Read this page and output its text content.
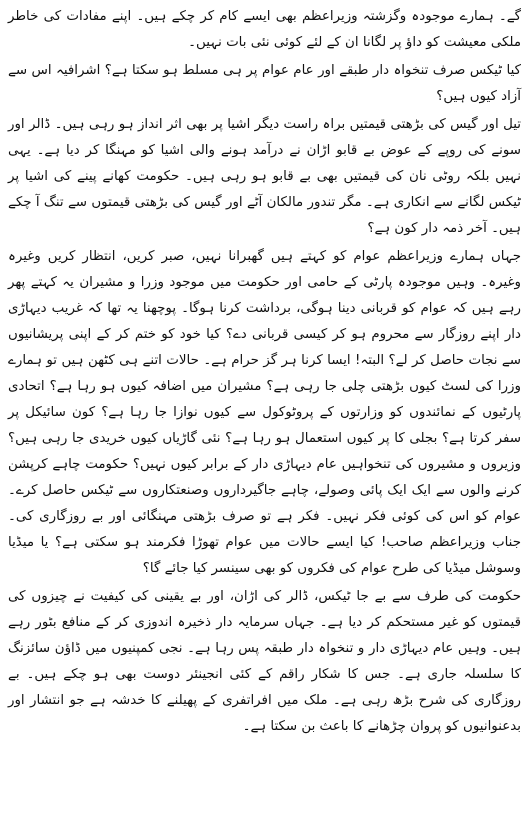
گے۔ ہمارے موجودہ وگزشتہ وزیراعظم بھی ایسے کام کر چکے ہیں۔ اپنے مفادات کی خاطر ملکی معیشت کو داؤ پر لگانا ان کے لئے کوئی نئی بات نہیں۔

کیا ٹیکس صرف تنخواہ دار طبقے اور عام عوام پر ہی مسلط ہو سکتا ہے؟ اشرافیہ اس سے آزاد کیوں ہیں؟

تیل اور گیس کی بڑھتی قیمتیں براہ راست دیگر اشیا پر بھی اثر انداز ہو رہی ہیں۔ ڈالر اور سونے کی روپے کے عوض بے قابو اڑان نے درآمد ہونے والی اشیا کو مہنگا کر دیا ہے۔ یہی نہیں بلکہ روٹی نان کی قیمتیں بھی بے قابو ہو رہی ہیں۔ حکومت کھانے پینے کی اشیا پر ٹیکس لگانے سے انکاری ہے۔ مگر تندور مالکان آٹے اور گیس کی بڑھتی قیمتوں سے تنگ آ چکے ہیں۔ آخر ذمہ دار کون ہے؟

جہاں ہمارے وزیراعظم عوام کو کہتے ہیں گھبرانا نہیں، صبر کریں، انتظار کریں وغیرہ وغیرہ۔ وہیں موجودہ پارٹی کے حامی اور حکومت میں موجود وزرا و مشیران یہ کہتے پھر رہے ہیں کہ عوام کو قربانی دینا ہوگی، برداشت کرنا ہوگا۔ پوچھنا یہ تھا کہ غریب دیہاڑی دار اپنے روزگار سے محروم ہو کر کیسی قربانی دے؟ کیا خود کو ختم کر کے اپنی پریشانیوں سے نجات حاصل کر لے؟ البتہ! ایسا کرنا ہر گز حرام ہے۔ حالات اتنے ہی کٹھن ہیں تو ہمارے وزرا کی لسٹ کیوں بڑھتی چلی جا رہی ہے؟ مشیران میں اضافہ کیوں ہو رہا ہے؟ اتحادی پارٹیوں کے نمائندوں کو وزارتوں کے پروٹوکول سے کیوں نوازا جا رہا ہے؟ کون سائیکل پر سفر کرتا ہے؟ بجلی کا پر کیوں استعمال ہو رہا ہے؟ نئی گاڑیاں کیوں خریدی جا رہی ہیں؟ وزیروں و مشیروں کی تنخواہیں عام دیہاڑی دار کے برابر کیوں نہیں؟ حکومت چاہے کرپشن کرنے والوں سے ایک ایک پائی وصولے، چاہے جاگیرداروں وصنعتکاروں سے ٹیکس حاصل کرے۔ عوام کو اس کی کوئی فکر نہیں۔ فکر ہے تو صرف بڑھتی مہنگائی اور بے روزگاری کی۔ جناب وزیراعظم صاحب! کیا ایسے حالات میں عوام تھوڑا فکرمند ہو سکتی ہے؟ یا میڈیا وسوشل میڈیا کی طرح عوام کی فکروں کو بھی سینسر کیا جائے گا؟

حکومت کی طرف سے بے جا ٹیکس، ڈالر کی اڑان، اور بے یقینی کی کیفیت نے چیزوں کی قیمتوں کو غیر مستحکم کر دیا ہے۔ جہاں سرمایہ دار ذخیرہ اندوزی کر کے منافع بٹور رہے ہیں۔ وہیں عام دیہاڑی دار و تنخواہ دار طبقہ پس رہا ہے۔ نجی کمپنیوں میں ڈاؤن سائزنگ کا سلسلہ جاری ہے۔ جس کا شکار راقم کے کئی انجینئر دوست بھی ہو چکے ہیں۔ بے روزگاری کی شرح بڑھ رہی ہے۔ ملک میں افراتفری کے پھیلنے کا خدشہ ہے جو انتشار اور بدعنوانیوں کو پروان چڑھانے کا باعث بن سکتا ہے۔
